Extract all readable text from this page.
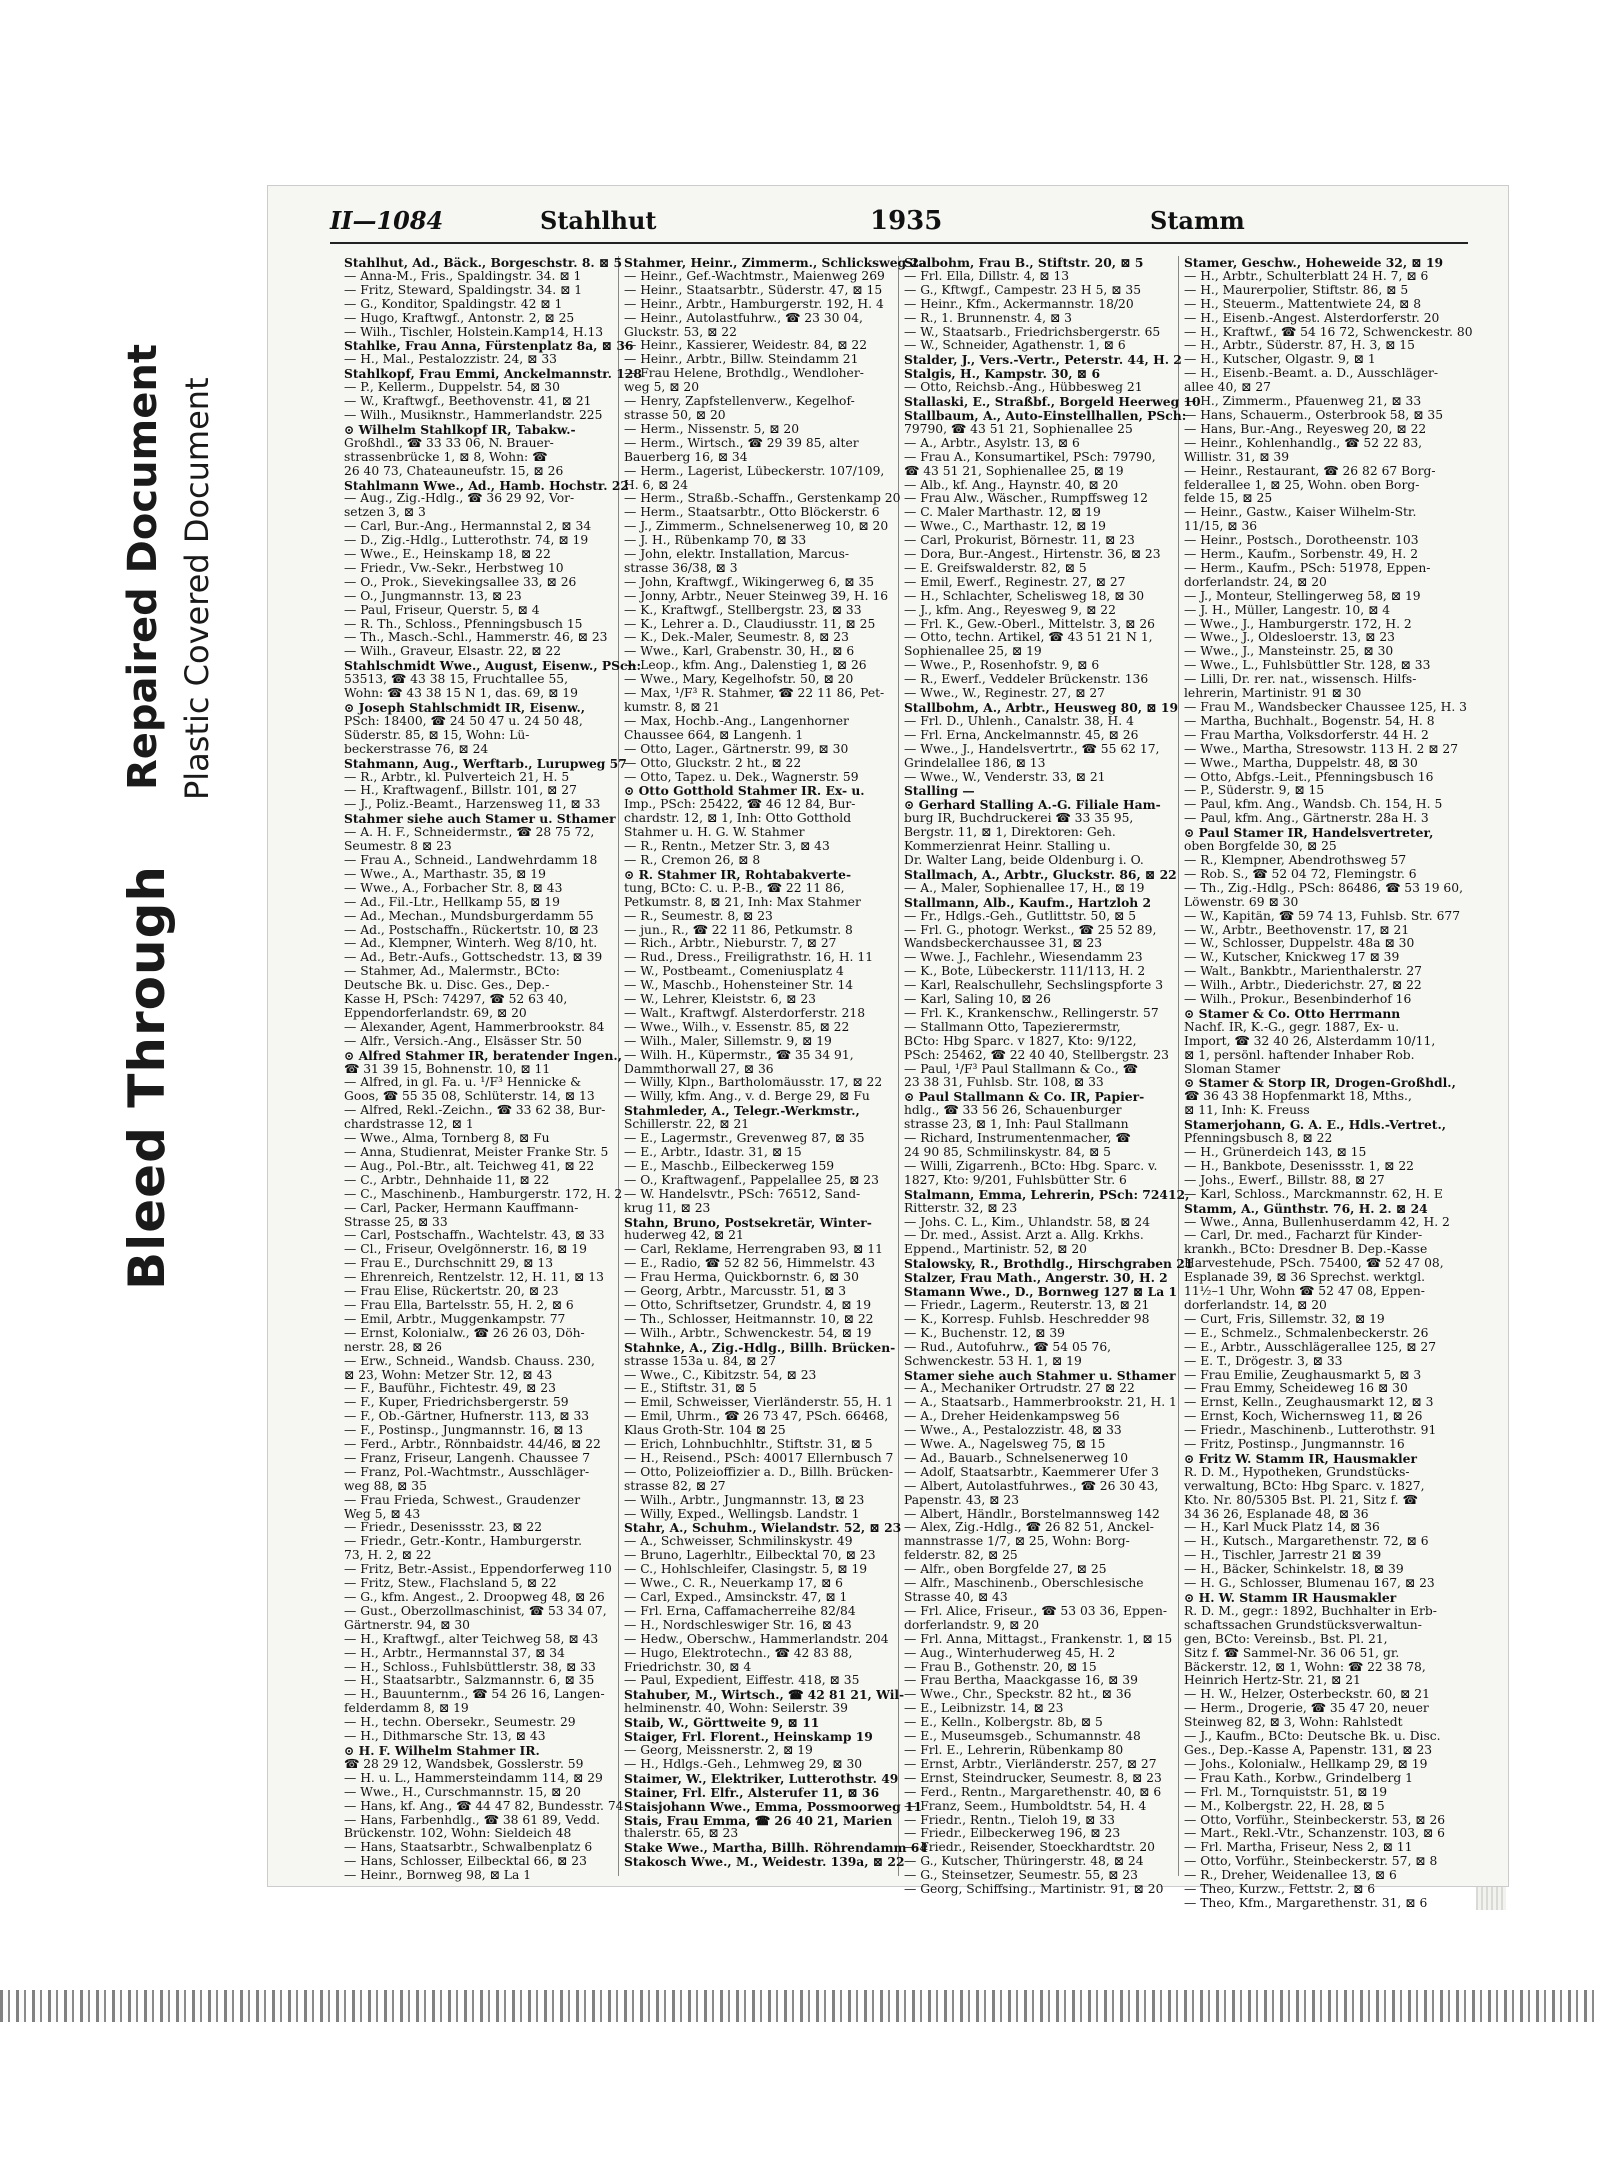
Bleed Through
Repaired Document Plastic Covered Document
II—1084	Stahlhut	1935	Stamm
Stahlhut, Ad., Bäck., Borgeschstr. 8. ⊠ 5
— Anna-M., Fris., Spaldingstr. 34. ⊠ 1
— Fritz, Steward, Spaldingstr. 34. ⊠ 1
— G., Konditor, Spaldingstr. 42 ⊠ 1
— Hugo, Kraftwgf., Antonstr. 2, ⊠ 25
— Wilh., Tischler, Holstein.Kamp14, H.13
Stahlke, Frau Anna, Fürstenplatz 8a, ⊠ 36
— H., Mal., Pestalozzistr. 24, ⊠ 33
Stahlkopf, Frau Emmi, Anckelmannstr. 128
— P., Kellerm., Duppelstr. 54, ⊠ 30
— W., Kraftwgf., Beethovenstr. 41, ⊠ 21
— Wilh., Musiknstr., Hammerlandstr. 225
⊙ Wilhelm Stahlkopf IR, Tabakw.-
Großhdl., ☎ 33 33 06, N. Brauer-
strassenbrücke 1, ⊠ 8, Wohn: ☎
26 40 73, Chateauneufstr. 15, ⊠ 26
Stahlmann Wwe., Ad., Hamb. Hochstr. 22
— Aug., Zig.-Hdlg., ☎ 36 29 92, Vor-
setzen 3, ⊠ 3
— Carl, Bur.-Ang., Hermannstal 2, ⊠ 34
— D., Zig.-Hdlg., Lutterothstr. 74, ⊠ 19
— Wwe., E., Heinskamp 18, ⊠ 22
— Friedr., Vw.-Sekr., Herbstweg 10
— O., Prok., Sievekingsallee 33, ⊠ 26
— O., Jungmannstr. 13, ⊠ 23
— Paul, Friseur, Querstr. 5, ⊠ 4
— R. Th., Schloss., Pfenningsbusch 15
— Th., Masch.-Schl., Hammerstr. 46, ⊠ 23
— Wilh., Graveur, Elsastr. 22, ⊠ 22
Stahlschmidt Wwe., August, Eisenw., PSch:
53513, ☎ 43 38 15, Fruchtallee 55,
Wohn: ☎ 43 38 15 N 1, das. 69, ⊠ 19
⊙ Joseph Stahlschmidt IR, Eisenw.,
PSch: 18400, ☎ 24 50 47 u. 24 50 48,
Süderstr. 85, ⊠ 15, Wohn: Lü-
beckerstrasse 76, ⊠ 24
Stahmann, Aug., Werftarb., Lurupweg 57
— R., Arbtr., kl. Pulverteich 21, H. 5
— H., Kraftwagenf., Billstr. 101, ⊠ 27
— J., Poliz.-Beamt., Harzensweg 11, ⊠ 33
Stahmer siehe auch Stamer u. Sthamer
— A. H. F., Schneidermstr., ☎ 28 75 72,
Seumestr. 8 ⊠ 23
— Frau A., Schneid., Landwehrdamm 18
— Wwe., A., Marthastr. 35, ⊠ 19
— Wwe., A., Forbacher Str. 8, ⊠ 43
— Ad., Fil.-Ltr., Hellkamp 55, ⊠ 19
— Ad., Mechan., Mundsburgerdamm 55
— Ad., Postschaffn., Rückertstr. 10, ⊠ 23
— Ad., Klempner, Winterh. Weg 8/10, ht.
— Ad., Betr.-Aufs., Gottschedstr. 13, ⊠ 39
— Stahmer, Ad., Malermstr., BCto:
Deutsche Bk. u. Disc. Ges., Dep.-
Kasse H, PSch: 74297, ☎ 52 63 40,
Eppendorferlandstr. 69, ⊠ 20
— Alexander, Agent, Hammerbrookstr. 84
— Alfr., Versich.-Ang., Elsässer Str. 50
⊙ Alfred Stahmer IR, beratender Ingen.,
☎ 31 39 15, Bohnenstr. 10, ⊠ 11
— Alfred, in gl. Fa. u. ¹/F³ Hennicke &
Goos, ☎ 55 35 08, Schlüterstr. 14, ⊠ 13
— Alfred, Rekl.-Zeichn., ☎ 33 62 38, Bur-
chardstrasse 12, ⊠ 1
— Wwe., Alma, Tornberg 8, ⊠ Fu
— Anna, Studienrat, Meister Franke Str. 5
— Aug., Pol.-Btr., alt. Teichweg 41, ⊠ 22
— C., Arbtr., Dehnhaide 11, ⊠ 22
— C., Maschinenb., Hamburgerstr. 172, H. 2
— Carl, Packer, Hermann Kauffmann-
Strasse 25, ⊠ 33
— Carl, Postschaffn., Wachtelstr. 43, ⊠ 33
— Cl., Friseur, Ovelgönnerstr. 16, ⊠ 19
— Frau E., Durchschnitt 29, ⊠ 13
— Ehrenreich, Rentzelstr. 12, H. 11, ⊠ 13
— Frau Elise, Rückertstr. 20, ⊠ 23
— Frau Ella, Bartelsstr. 55, H. 2, ⊠ 6
— Emil, Arbtr., Muggenkampstr. 77
— Ernst, Kolonialw., ☎ 26 26 03, Döh-
nerstr. 28, ⊠ 26
— Erw., Schneid., Wandsb. Chauss. 230,
⊠ 23, Wohn: Metzer Str. 12, ⊠ 43
— F., Bauführ., Fichtestr. 49, ⊠ 23
— F., Kuper, Friedrichsbergerstr. 59
— F., Ob.-Gärtner, Hufnerstr. 113, ⊠ 33
— F., Postinsp., Jungmannstr. 16, ⊠ 13
— Ferd., Arbtr., Rönnbaidstr. 44/46, ⊠ 22
— Franz, Friseur, Langenh. Chaussee 7
— Franz, Pol.-Wachtmstr., Ausschläger-
weg 88, ⊠ 35
— Frau Frieda, Schwest., Graudenzer
Weg 5, ⊠ 43
— Friedr., Desenissstr. 23, ⊠ 22
— Friedr., Getr.-Kontr., Hamburgerstr.
73, H. 2, ⊠ 22
— Fritz, Betr.-Assist., Eppendorferweg 110
— Fritz, Stew., Flachsland 5, ⊠ 22
— G., kfm. Angest., 2. Droopweg 48, ⊠ 26
— Gust., Oberzollmaschinist, ☎ 53 34 07,
Gärtnerstr. 94, ⊠ 30
— H., Kraftwgf., alter Teichweg 58, ⊠ 43
— H., Arbtr., Hermannstal 37, ⊠ 34
— H., Schloss., Fuhlsbüttlerstr. 38, ⊠ 33
— H., Staatsarbtr., Salzmannstr. 6, ⊠ 35
— H., Bauunternm., ☎ 54 26 16, Langen-
felderdamm 8, ⊠ 19
— H., techn. Obersekr., Seumestr. 29
— H., Dithmarsche Str. 13, ⊠ 43
⊙ H. F. Wilhelm Stahmer IR.
☎ 28 29 12, Wandsbek, Gosslerstr. 59
— H. u. L., Hammersteindamm 114, ⊠ 29
— Wwe., H., Curschmannstr. 15, ⊠ 20
— Hans, kf. Ang., ☎ 44 47 82, Bundesstr. 74
— Hans, Farbenhdlg., ☎ 38 61 89, Vedd.
Brückenstr. 102, Wohn: Sieldeich 48
— Hans, Staatsarbtr., Schwalbenplatz 6
— Hans, Schlosser, Eilbecktal 66, ⊠ 23
— Heinr., Bornweg 98, ⊠ La 1
Stahmer, Heinr., Zimmerm., Schlicksweg 2a
— Heinr., Gef.-Wachtmstr., Maienweg 269
— Heinr., Staatsarbtr., Süderstr. 47, ⊠ 15
— Heinr., Arbtr., Hamburgerstr. 192, H. 4
— Heinr., Autolastfuhrw., ☎ 23 30 04,
Gluckstr. 53, ⊠ 22
— Heinr., Kassierer, Weidestr. 84, ⊠ 22
— Heinr., Arbtr., Billw. Steindamm 21
— Frau Helene, Brothdlg., Wendloher-
weg 5, ⊠ 20
— Henry, Zapfstellenverw., Kegelhof-
strasse 50, ⊠ 20
— Herm., Nissenstr. 5, ⊠ 20
— Herm., Wirtsch., ☎ 29 39 85, alter
Bauerberg 16, ⊠ 34
— Herm., Lagerist, Lübeckerstr. 107/109,
H. 6, ⊠ 24
— Herm., Straßb.-Schaffn., Gerstenkamp 20
— Herm., Staatsarbtr., Otto Blöckerstr. 6
— J., Zimmerm., Schnelsenerweg 10, ⊠ 20
— J. H., Rübenkamp 70, ⊠ 33
— John, elektr. Installation, Marcus-
strasse 36/38, ⊠ 3
— John, Kraftwgf., Wikingerweg 6, ⊠ 35
— Jonny, Arbtr., Neuer Steinweg 39, H. 16
— K., Kraftwgf., Stellbergstr. 23, ⊠ 33
— K., Lehrer a. D., Claudiusstr. 11, ⊠ 25
— K., Dek.-Maler, Seumestr. 8, ⊠ 23
— Wwe., Karl, Grabenstr. 30, H., ⊠ 6
— Leop., kfm. Ang., Dalenstieg 1, ⊠ 26
— Wwe., Mary, Kegelhofstr. 50, ⊠ 20
— Max, ¹/F³ R. Stahmer, ☎ 22 11 86, Pet-
kumstr. 8, ⊠ 21
— Max, Hochb.-Ang., Langenhorner
Chaussee 664, ⊠ Langenh. 1
— Otto, Lager., Gärtnerstr. 99, ⊠ 30
— Otto, Gluckstr. 2 ht., ⊠ 22
— Otto, Tapez. u. Dek., Wagnerstr. 59
⊙ Otto Gotthold Stahmer IR. Ex- u.
Imp., PSch: 25422, ☎ 46 12 84, Bur-
chardstr. 12, ⊠ 1, Inh: Otto Gotthold
Stahmer u. H. G. W. Stahmer
— R., Rentn., Metzer Str. 3, ⊠ 43
— R., Cremon 26, ⊠ 8
⊙ R. Stahmer IR, Rohtabakverte-
tung, BCto: C. u. P.-B., ☎ 22 11 86,
Petkumstr. 8, ⊠ 21, Inh: Max Stahmer
— R., Seumestr. 8, ⊠ 23
— jun., R., ☎ 22 11 86, Petkumstr. 8
— Rich., Arbtr., Nieburstr. 7, ⊠ 27
— Rud., Dress., Freiligrathstr. 16, H. 11
— W., Postbeamt., Comeniusplatz 4
— W., Maschb., Hohensteiner Str. 14
— W., Lehrer, Kleiststr. 6, ⊠ 23
— Walt., Kraftwgf. Alsterdorferstr. 218
— Wwe., Wilh., v. Essenstr. 85, ⊠ 22
— Wilh., Maler, Sillemstr. 9, ⊠ 19
— Wilh. H., Küpermstr., ☎ 35 34 91,
Dammthorwall 27, ⊠ 36
— Willy, Klpn., Bartholomäusstr. 17, ⊠ 22
— Willy, kfm. Ang., v. d. Berge 29, ⊠ Fu
Stahmleder, A., Telegr.-Werkmstr.,
Schillerstr. 22, ⊠ 21
— E., Lagermstr., Grevenweg 87, ⊠ 35
— E., Arbtr., Idastr. 31, ⊠ 15
— E., Maschb., Eilbeckerweg 159
— O., Kraftwagenf., Pappelallee 25, ⊠ 23
— W. Handelsvtr., PSch: 76512, Sand-
krug 11, ⊠ 23
Stahn, Bruno, Postsekretär, Winter-
huderweg 42, ⊠ 21
— Carl, Reklame, Herrengraben 93, ⊠ 11
— E., Radio, ☎ 52 82 56, Himmelstr. 43
— Frau Herma, Quickbornstr. 6, ⊠ 30
— Georg, Arbtr., Marcusstr. 51, ⊠ 3
— Otto, Schriftsetzer, Grundstr. 4, ⊠ 19
— Th., Schlosser, Heitmannstr. 10, ⊠ 22
— Wilh., Arbtr., Schwenckestr. 54, ⊠ 19
Stahnke, A., Zig.-Hdlg., Billh. Brücken-
strasse 153a u. 84, ⊠ 27
— Wwe., C., Kibitzstr. 54, ⊠ 23
— E., Stiftstr. 31, ⊠ 5
— Emil, Schweisser, Vierländerstr. 55, H. 1
— Emil, Uhrm., ☎ 26 73 47, PSch. 66468,
Klaus Groth-Str. 104 ⊠ 25
— Erich, Lohnbuchhltr., Stiftstr. 31, ⊠ 5
— H., Reisend., PSch: 40017 Ellernbusch 7
— Otto, Polizeioffizier a. D., Billh. Brücken-
strasse 82, ⊠ 27
— Wilh., Arbtr., Jungmannstr. 13, ⊠ 23
— Willy, Exped., Wellingsb. Landstr. 1
Stahr, A., Schuhm., Wielandstr. 52, ⊠ 23
— A., Schweisser, Schmilinskystr. 49
— Bruno, Lagerhltr., Eilbecktal 70, ⊠ 23
— C., Hohlschleifer, Clasingstr. 5, ⊠ 19
— Wwe., C. R., Neuerkamp 17, ⊠ 6
— Carl, Exped., Amsinckstr. 47, ⊠ 1
— Frl. Erna, Caffamacherreihe 82/84
— H., Nordschleswiger Str. 16, ⊠ 43
— Hedw., Oberschw., Hammerlandstr. 204
— Hugo, Elektrotechn., ☎ 42 83 88,
Friedrichstr. 30, ⊠ 4
— Paul, Expedient, Eiffestr. 418, ⊠ 35
Stahuber, M., Wirtsch., ☎ 42 81 21, Wil-
helminenstr. 40, Wohn: Seilerstr. 39
Staib, W., Görttweite 9, ⊠ 11
Staiger, Frl. Florent., Heinskamp 19
— Georg, Meissnerstr. 2, ⊠ 19
— H., Hdlgs.-Geh., Lehmweg 29, ⊠ 30
Staimer, W., Elektriker, Lutterothstr. 49
Stainer, Frl. Elfr., Alsterufer 11, ⊠ 36
Staisjohann Wwe., Emma, Possmoorweg 11
Stais, Frau Emma, ☎ 26 40 21, Marien
thalerstr. 65, ⊠ 23
Stake Wwe., Martha, Billh. Röhrendamm 64
Stakosch Wwe., M., Weidestr. 139a, ⊠ 22
Stalbohm, Frau B., Stiftstr. 20, ⊠ 5
— Frl. Ella, Dillstr. 4, ⊠ 13
— G., Kftwgf., Campestr. 23 H 5, ⊠ 35
— Heinr., Kfm., Ackermannstr. 18/20
— R., 1. Brunnenstr. 4, ⊠ 3
— W., Staatsarb., Friedrichsbergerstr. 65
— W., Schneider, Agathenstr. 1, ⊠ 6
Stalder, J., Vers.-Vertr., Peterstr. 44, H. 2
Stalgis, H., Kampstr. 30, ⊠ 6
— Otto, Reichsb.-Ang., Hübbesweg 21
Stallaski, E., Straßbf., Borgeld Heerweg 10
Stallbaum, A., Auto-Einstellhallen, PSch:
79790, ☎ 43 51 21, Sophienallee 25
— A., Arbtr., Asylstr. 13, ⊠ 6
— Frau A., Konsumartikel, PSch: 79790,
☎ 43 51 21, Sophienallee 25, ⊠ 19
— Alb., kf. Ang., Haynstr. 40, ⊠ 20
— Frau Alw., Wäscher., Rumpffsweg 12
— C. Maler Marthastr. 12, ⊠ 19
— Wwe., C., Marthastr. 12, ⊠ 19
— Carl, Prokurist, Börnestr. 11, ⊠ 23
— Dora, Bur.-Angest., Hirtenstr. 36, ⊠ 23
— E. Greifswalderstr. 82, ⊠ 5
— Emil, Ewerf., Reginestr. 27, ⊠ 27
— H., Schlachter, Schelisweg 18, ⊠ 30
— J., kfm. Ang., Reyesweg 9, ⊠ 22
— Frl. K., Gew.-Oberl., Mittelstr. 3, ⊠ 26
— Otto, techn. Artikel, ☎ 43 51 21 N 1,
Sophienallee 25, ⊠ 19
— Wwe., P., Rosenhofstr. 9, ⊠ 6
— R., Ewerf., Veddeler Brückenstr. 136
— Wwe., W., Reginestr. 27, ⊠ 27
Stallbohm, A., Arbtr., Heusweg 80, ⊠ 19
— Frl. D., Uhlenh., Canalstr. 38, H. 4
— Frl. Erna, Anckelmannstr. 45, ⊠ 26
— Wwe., J., Handelsvertrtr., ☎ 55 62 17,
Grindelallee 186, ⊠ 13
— Wwe., W., Venderstr. 33, ⊠ 21
Stalling —
⊙ Gerhard Stalling A.-G. Filiale Ham-
burg IR, Buchdruckerei ☎ 33 35 95,
Bergstr. 11, ⊠ 1, Direktoren: Geh.
Kommerzienrat Heinr. Stalling u.
Dr. Walter Lang, beide Oldenburg i. O.
Stallmach, A., Arbtr., Gluckstr. 86, ⊠ 22
— A., Maler, Sophienallee 17, H., ⊠ 19
Stallmann, Alb., Kaufm., Hartzloh 2
— Fr., Hdlgs.-Geh., Gutlittstr. 50, ⊠ 5
— Frl. G., photogr. Werkst., ☎ 25 52 89,
Wandsbeckerchaussee 31, ⊠ 23
— Wwe. J., Fachlehr., Wiesendamm 23
— K., Bote, Lübeckerstr. 111/113, H. 2
— Karl, Realschullehr, Sechslingspforte 3
— Karl, Saling 10, ⊠ 26
— Frl. K., Krankenschw., Rellingerstr. 57
— Stallmann Otto, Tapezierermstr,
BCto: Hbg Sparc. v 1827, Kto: 9/122,
PSch: 25462, ☎ 22 40 40, Stellbergstr. 23
— Paul, ¹/F³ Paul Stallmann & Co., ☎
23 38 31, Fuhlsb. Str. 108, ⊠ 33
⊙ Paul Stallmann & Co. IR, Papier-
hdlg., ☎ 33 56 26, Schauenburger
strasse 23, ⊠ 1, Inh: Paul Stallmann
— Richard, Instrumentenmacher, ☎
24 90 85, Schmilinskystr. 84, ⊠ 5
— Willi, Zigarrenh., BCto: Hbg. Sparc. v.
1827, Kto: 9/201, Fuhlsbütter Str. 6
Stalmann, Emma, Lehrerin, PSch: 72412,
Ritterstr. 32, ⊠ 23
— Johs. C. L., Kim., Uhlandstr. 58, ⊠ 24
— Dr. med., Assist. Arzt a. Allg. Krkhs.
Eppend., Martinistr. 52, ⊠ 20
Stalowsky, R., Brothdlg., Hirschgraben 21
Stalzer, Frau Math., Angerstr. 30, H. 2
Stamann Wwe., D., Bornweg 127 ⊠ La 1
— Friedr., Lagerm., Reuterstr. 13, ⊠ 21
— K., Korresp. Fuhlsb. Heschredder 98
— K., Buchenstr. 12, ⊠ 39
— Rud., Autofuhrw., ☎ 54 05 76,
Schwenckestr. 53 H. 1, ⊠ 19
Stamer siehe auch Stahmer u. Sthamer
— A., Mechaniker Ortrudstr. 27 ⊠ 22
— A., Staatsarb., Hammerbrookstr. 21, H. 1
— A., Dreher Heidenkampsweg 56
— Wwe., A., Pestalozzistr. 48, ⊠ 33
— Wwe. A., Nagelsweg 75, ⊠ 15
— Ad., Bauarb., Schnelsenerweg 10
— Adolf, Staatsarbtr., Kaemmerer Ufer 3
— Albert, Autolastfuhrwes., ☎ 26 30 43,
Papenstr. 43, ⊠ 23
— Albert, Händlr., Borstelmannsweg 142
— Alex, Zig.-Hdlg., ☎ 26 82 51, Anckel-
mannstrasse 1/7, ⊠ 25, Wohn: Borg-
felderstr. 82, ⊠ 25
— Alfr., oben Borgfelde 27, ⊠ 25
— Alfr., Maschinenb., Oberschlesische
Strasse 40, ⊠ 43
— Frl. Alice, Friseur., ☎ 53 03 36, Eppen-
dorferlandstr. 9, ⊠ 20
— Frl. Anna, Mittagst., Frankenstr. 1, ⊠ 15
— Aug., Winterhuderweg 45, H. 2
— Frau B., Gothenstr. 20, ⊠ 15
— Frau Bertha, Maackgasse 16, ⊠ 39
— Wwe., Chr., Speckstr. 82 ht., ⊠ 36
— E., Leibnizstr. 14, ⊠ 23
— E., Kelln., Kolbergstr. 8b, ⊠ 5
— E., Museumsgeb., Schumannstr. 48
— Frl. E., Lehrerin, Rübenkamp 80
— Ernst, Arbtr., Vierländerstr. 257, ⊠ 27
— Ernst, Steindrucker, Seumestr. 8, ⊠ 23
— Ferd., Rentn., Margarethenstr. 40, ⊠ 6
— Franz, Seem., Humboldtstr. 54, H. 4
— Friedr., Rentn., Tieloh 19, ⊠ 33
— Friedr., Eilbeckerweg 196, ⊠ 23
— Friedr., Reisender, Stoeckhardtstr. 20
— G., Kutscher, Thüringerstr. 48, ⊠ 24
— G., Steinsetzer, Seumestr. 55, ⊠ 23
— Georg, Schiffsing., Martinistr. 91, ⊠ 20
Stamer, Geschw., Hoheweide 32, ⊠ 19
— H., Arbtr., Schulterblatt 24 H. 7, ⊠ 6
— H., Maurerpolier, Stiftstr. 86, ⊠ 5
— H., Steuerm., Mattentwiete 24, ⊠ 8
— H., Eisenb.-Angest. Alsterdorferstr. 20
— H., Kraftwf., ☎ 54 16 72, Schwenckestr. 80
— H., Arbtr., Süderstr. 87, H. 3, ⊠ 15
— H., Kutscher, Olgastr. 9, ⊠ 1
— H., Eisenb.-Beamt. a. D., Ausschläger-
allee 40, ⊠ 27
— H., Zimmerm., Pfauenweg 21, ⊠ 33
— Hans, Schauerm., Osterbrook 58, ⊠ 35
— Hans, Bur.-Ang., Reyesweg 20, ⊠ 22
— Heinr., Kohlenhandlg., ☎ 52 22 83,
Willistr. 31, ⊠ 39
— Heinr., Restaurant, ☎ 26 82 67 Borg-
felderallee 1, ⊠ 25, Wohn. oben Borg-
felde 15, ⊠ 25
— Heinr., Gastw., Kaiser Wilhelm-Str.
11/15, ⊠ 36
— Heinr., Postsch., Dorotheenstr. 103
— Herm., Kaufm., Sorbenstr. 49, H. 2
— Herm., Kaufm., PSch: 51978, Eppen-
dorferlandstr. 24, ⊠ 20
— J., Monteur, Stellingerweg 58, ⊠ 19
— J. H., Müller, Langestr. 10, ⊠ 4
— Wwe., J., Hamburgerstr. 172, H. 2
— Wwe., J., Oldesloerstr. 13, ⊠ 23
— Wwe., J., Mansteinstr. 25, ⊠ 30
— Wwe., L., Fuhlsbüttler Str. 128, ⊠ 33
— Lilli, Dr. rer. nat., wissensch. Hilfs-
lehrerin, Martinistr. 91 ⊠ 30
— Frau M., Wandsbecker Chaussee 125, H. 3
— Martha, Buchhalt., Bogenstr. 54, H. 8
— Frau Martha, Volksdorferstr. 44 H. 2
— Wwe., Martha, Stresowstr. 113 H. 2 ⊠ 27
— Wwe., Martha, Duppelstr. 48, ⊠ 30
— Otto, Abfgs.-Leit., Pfenningsbusch 16
— P., Süderstr. 9, ⊠ 15
— Paul, kfm. Ang., Wandsb. Ch. 154, H. 5
— Paul, kfm. Ang., Gärtnerstr. 28a H. 3
⊙ Paul Stamer IR, Handelsvertreter,
oben Borgfelde 30, ⊠ 25
— R., Klempner, Abendrothsweg 57
— Rob. S., ☎ 52 04 72, Flemingstr. 6
— Th., Zig.-Hdlg., PSch: 86486, ☎ 53 19 60,
Löwenstr. 69 ⊠ 30
— W., Kapitän, ☎ 59 74 13, Fuhlsb. Str. 677
— W., Arbtr., Beethovenstr. 17, ⊠ 21
— W., Schlosser, Duppelstr. 48a ⊠ 30
— W., Kutscher, Knickweg 17 ⊠ 39
— Walt., Bankbtr., Marienthalerstr. 27
— Wilh., Arbtr., Diederichstr. 27, ⊠ 22
— Wilh., Prokur., Besenbinderhof 16
⊙ Stamer & Co. Otto Herrmann
Nachf. IR, K.-G., gegr. 1887, Ex- u.
Import, ☎ 32 40 26, Alsterdamm 10/11,
⊠ 1, persönl. haftender Inhaber Rob.
Sloman Stamer
⊙ Stamer & Storp IR, Drogen-Großhdl.,
☎ 36 43 38 Hopfenmarkt 18, Mths.,
⊠ 11, Inh: K. Freuss
Stamerjohann, G. A. E., Hdls.-Vertret.,
Pfenningsbusch 8, ⊠ 22
— H., Grünerdeich 143, ⊠ 15
— H., Bankbote, Desenissstr. 1, ⊠ 22
— Johs., Ewerf., Billstr. 88, ⊠ 27
— Karl, Schloss., Marckmannstr. 62, H. E
Stamm, A., Günthstr. 76, H. 2. ⊠ 24
— Wwe., Anna, Bullenhuserdamm 42, H. 2
— Carl, Dr. med., Facharzt für Kinder-
krankh., BCto: Dresdner B. Dep.-Kasse
Harvestehude, PSch. 75400, ☎ 52 47 08,
Esplanade 39, ⊠ 36 Sprechst. werktgl.
11½–1 Uhr, Wohn ☎ 52 47 08, Eppen-
dorferlandstr. 14, ⊠ 20
— Curt, Fris, Sillemstr. 32, ⊠ 19
— E., Schmelz., Schmalenbeckerstr. 26
— E., Arbtr., Ausschlägerallee 125, ⊠ 27
— E. T., Drögestr. 3, ⊠ 33
— Frau Emilie, Zeughausmarkt 5, ⊠ 3
— Frau Emmy, Scheideweg 16 ⊠ 30
— Ernst, Kelln., Zeughausmarkt 12, ⊠ 3
— Ernst, Koch, Wichernsweg 11, ⊠ 26
— Friedr., Maschinenb., Lutterothstr. 91
— Fritz, Postinsp., Jungmannstr. 16
⊙ Fritz W. Stamm IR, Hausmakler
R. D. M., Hypotheken, Grundstücks-
verwaltung, BCto: Hbg Sparc. v. 1827,
Kto. Nr. 80/5305 Bst. Pl. 21, Sitz f. ☎
34 36 26, Esplanade 48, ⊠ 36
— H., Karl Muck Platz 14, ⊠ 36
— H., Kutsch., Margarethenstr. 72, ⊠ 6
— H., Tischler, Jarrestr 21 ⊠ 39
— H., Bäcker, Schinkelstr. 18, ⊠ 39
— H. G., Schlosser, Blumenau 167, ⊠ 23
⊙ H. W. Stamm IR Hausmakler
R. D. M., gegr.: 1892, Buchhalter in Erb-
schaftssachen Grundstücksverwaltun-
gen, BCto: Vereinsb., Bst. Pl. 21,
Sitz f. ☎ Sammel-Nr. 36 06 51, gr.
Bäckerstr. 12, ⊠ 1, Wohn: ☎ 22 38 78,
Heinrich Hertz-Str. 21, ⊠ 21
— H. W., Helzer, Osterbeckstr. 60, ⊠ 21
— Herm., Drogerie, ☎ 35 47 20, neuer
Steinweg 82, ⊠ 3, Wohn: Rahlstedt
— J., Kaufm., BCto: Deutsche Bk. u. Disc.
Ges., Dep.-Kasse A, Papenstr. 131, ⊠ 23
— Johs., Kolonialw., Hellkamp 29, ⊠ 19
— Frau Kath., Korbw., Grindelberg 1
— Frl. M., Tornquiststr. 51, ⊠ 19
— M., Kolbergstr. 22, H. 28, ⊠ 5
— Otto, Vorführ., Steinbeckerstr. 53, ⊠ 26
— Mart., Rekl.-Vtr., Schanzenstr. 103, ⊠ 6
— Frl. Martha, Friseur, Ness 2, ⊠ 11
— Otto, Vorführ., Steinbeckerstr. 57, ⊠ 8
— R., Dreher, Weidenallee 13, ⊠ 6
— Theo, Kurzw., Fettstr. 2, ⊠ 6
— Theo, Kfm., Margarethenstr. 31, ⊠ 6
